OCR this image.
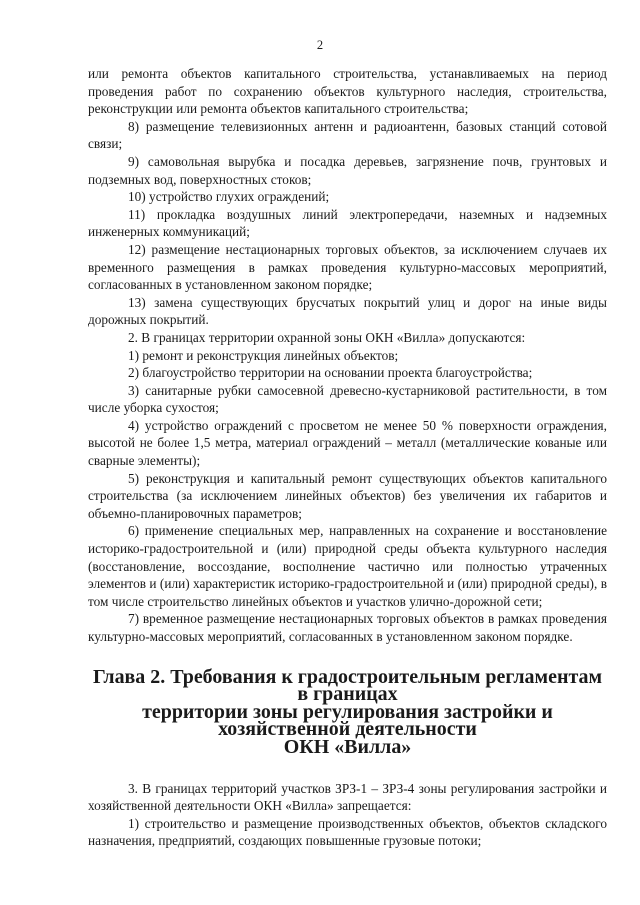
2

или ремонта объектов капитального строительства, устанавливаемых на период проведения работ по сохранению объектов культурного наследия, строительства, реконструкции или ремонта объектов капитального строительства;

8) размещение телевизионных антенн и радиоантенн, базовых станций сотовой связи;

9) самовольная вырубка и посадка деревьев, загрязнение почв, грунтовых и подземных вод, поверхностных стоков;

10) устройство глухих ограждений;

11) прокладка воздушных линий электропередачи, наземных и надземных инженерных коммуникаций;

12) размещение нестационарных торговых объектов, за исключением случаев их временного размещения в рамках проведения культурно-массовых мероприятий, согласованных в установленном законом порядке;

13) замена существующих брусчатых покрытий улиц и дорог на иные виды дорожных покрытий.

2. В границах территории охранной зоны ОКН «Вилла» допускаются:

1) ремонт и реконструкция линейных объектов;

2) благоустройство территории на основании проекта благоустройства;

3) санитарные рубки самосевной древесно-кустарниковой растительности, в том числе уборка сухостоя;

4) устройство ограждений с просветом не менее 50 % поверхности ограждения, высотой не более 1,5 метра, материал ограждений – металл (металлические кованые или сварные элементы);

5) реконструкция и капитальный ремонт существующих объектов капитального строительства (за исключением линейных объектов) без увеличения их габаритов и объемно-планировочных параметров;

6) применение специальных мер, направленных на сохранение и восстановление историко-градостроительной и (или) природной среды объекта культурного наследия (восстановление, воссоздание, восполнение частично или полностью утраченных элементов и (или) характеристик историко-градостроительной и (или) природной среды), в том числе строительство линейных объектов и участков улично-дорожной сети;

7) временное размещение нестационарных торговых объектов в рамках проведения культурно-массовых мероприятий, согласованных в установленном законом порядке.

Глава 2. Требования к градостроительным регламентам в границах
территории зоны регулирования застройки и хозяйственной деятельности
ОКН «Вилла»

3. В границах территорий участков ЗРЗ-1 – ЗРЗ-4 зоны регулирования застройки и хозяйственной деятельности ОКН «Вилла» запрещается:

1) строительство и размещение производственных объектов, объектов складского назначения, предприятий, создающих повышенные грузовые потоки;
